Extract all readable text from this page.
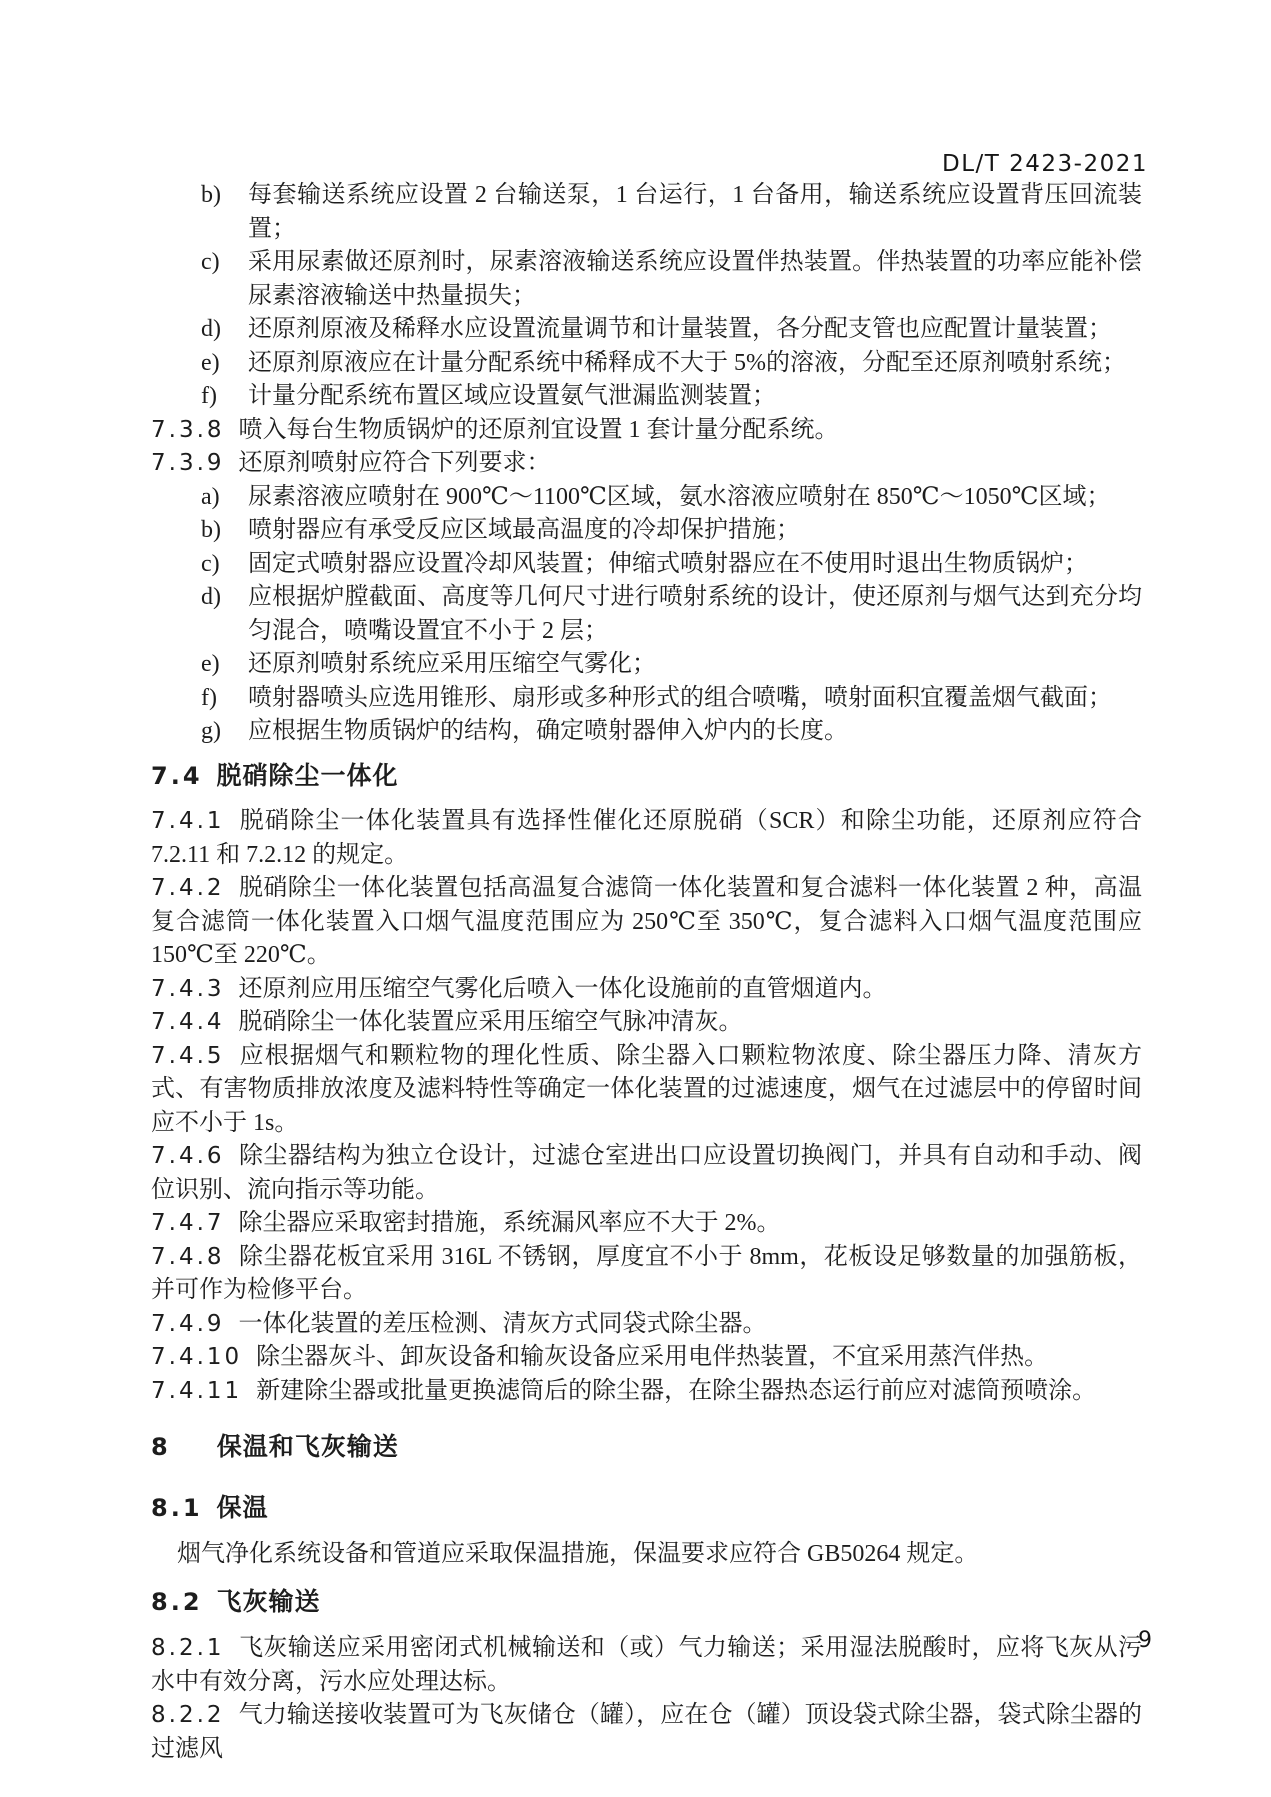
DL/T 2423-2021

b) 每套输送系统应设置 2 台输送泵，1 台运行，1 台备用，输送系统应设置背压回流装置；

c) 采用尿素做还原剂时，尿素溶液输送系统应设置伴热装置。伴热装置的功率应能补偿尿素溶液输送中热量损失；

d) 还原剂原液及稀释水应设置流量调节和计量装置，各分配支管也应配置计量装置；

e) 还原剂原液应在计量分配系统中稀释成不大于 5%的溶液，分配至还原剂喷射系统；

f) 计量分配系统布置区域应设置氨气泄漏监测装置；

7.3.8 喷入每台生物质锅炉的还原剂宜设置 1 套计量分配系统。

7.3.9 还原剂喷射应符合下列要求：

a) 尿素溶液应喷射在 900℃～1100℃区域，氨水溶液应喷射在 850℃～1050℃区域；

b) 喷射器应有承受反应区域最高温度的冷却保护措施；

c) 固定式喷射器应设置冷却风装置；伸缩式喷射器应在不使用时退出生物质锅炉；

d) 应根据炉膛截面、高度等几何尺寸进行喷射系统的设计，使还原剂与烟气达到充分均匀混合，喷嘴设置宜不小于 2 层；

e) 还原剂喷射系统应采用压缩空气雾化；

f) 喷射器喷头应选用锥形、扇形或多种形式的组合喷嘴，喷射面积宜覆盖烟气截面；

g) 应根据生物质锅炉的结构，确定喷射器伸入炉内的长度。

7.4 脱硝除尘一体化

7.4.1 脱硝除尘一体化装置具有选择性催化还原脱硝（SCR）和除尘功能，还原剂应符合 7.2.11 和 7.2.12 的规定。

7.4.2 脱硝除尘一体化装置包括高温复合滤筒一体化装置和复合滤料一体化装置 2 种，高温复合滤筒一体化装置入口烟气温度范围应为 250℃至 350℃，复合滤料入口烟气温度范围应 150℃至 220℃。

7.4.3 还原剂应用压缩空气雾化后喷入一体化设施前的直管烟道内。

7.4.4 脱硝除尘一体化装置应采用压缩空气脉冲清灰。

7.4.5 应根据烟气和颗粒物的理化性质、除尘器入口颗粒物浓度、除尘器压力降、清灰方式、有害物质排放浓度及滤料特性等确定一体化装置的过滤速度，烟气在过滤层中的停留时间应不小于 1s。

7.4.6 除尘器结构为独立仓设计，过滤仓室进出口应设置切换阀门，并具有自动和手动、阀位识别、流向指示等功能。

7.4.7 除尘器应采取密封措施，系统漏风率应不大于 2%。

7.4.8 除尘器花板宜采用 316L 不锈钢，厚度宜不小于 8mm，花板设足够数量的加强筋板，并可作为检修平台。

7.4.9 一体化装置的差压检测、清灰方式同袋式除尘器。

7.4.10 除尘器灰斗、卸灰设备和输灰设备应采用电伴热装置，不宜采用蒸汽伴热。

7.4.11 新建除尘器或批量更换滤筒后的除尘器，在除尘器热态运行前应对滤筒预喷涂。

8 保温和飞灰输送

8.1 保温

烟气净化系统设备和管道应采取保温措施，保温要求应符合 GB50264 规定。

8.2 飞灰输送

8.2.1 飞灰输送应采用密闭式机械输送和（或）气力输送；采用湿法脱酸时，应将飞灰从污水中有效分离，污水应处理达标。

8.2.2 气力输送接收装置可为飞灰储仓（罐），应在仓（罐）顶设袋式除尘器，袋式除尘器的过滤风

9
